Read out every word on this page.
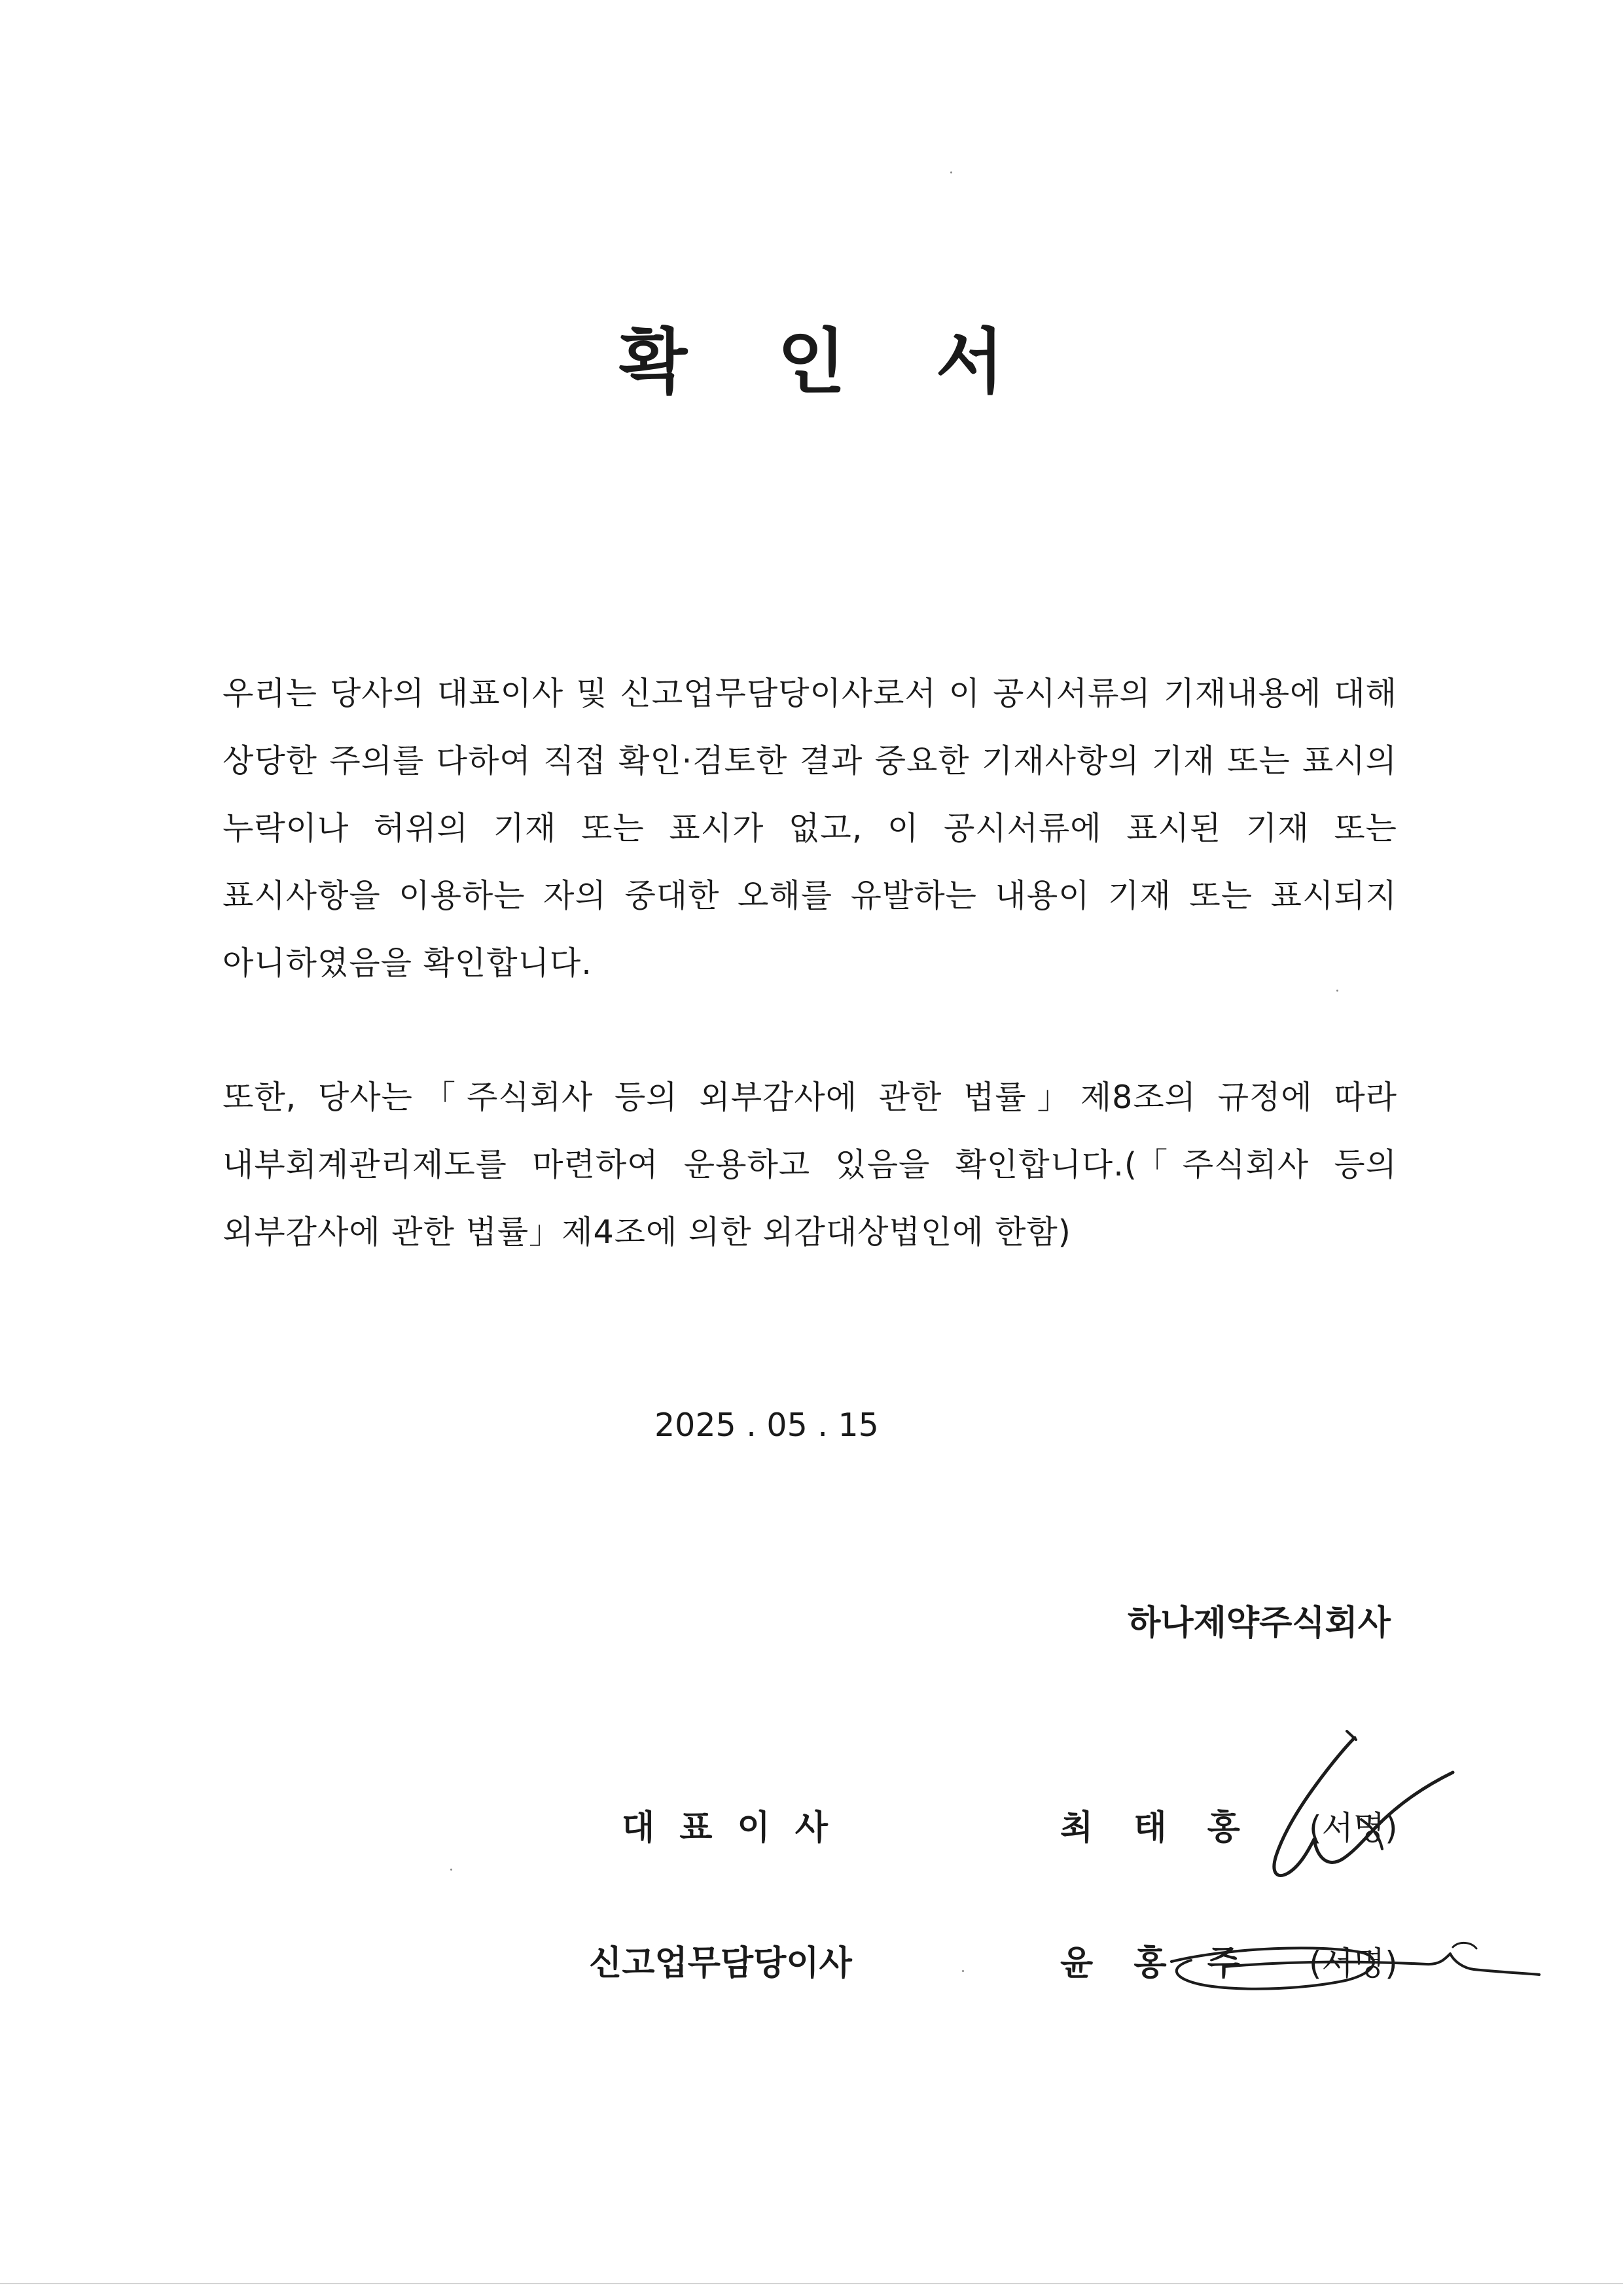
확 인 서

우리는 당사의 대표이사 및 신고업무담당이사로서 이 공시서류의 기재내용에 대해 상당한 주의를 다하여 직접 확인·검토한 결과 중요한 기재사항의 기재 또는 표시의 누락이나 허위의 기재 또는 표시가 없고, 이 공시서류에 표시된 기재 또는 표시사항을 이용하는 자의 중대한 오해를 유발하는 내용이 기재 또는 표시되지 아니하였음을 확인합니다.

또한, 당사는「주식회사 등의 외부감사에 관한 법률」제8조의 규정에 따라 내부회계관리제도를 마련하여 운용하고 있음을 확인합니다.(「주식회사 등의 외부감사에 관한 법률」제4조에 의한 외감대상법인에 한함)

2025 . 05 . 15
하나제약주식회사
대표이사	최 태 홍 (서명)
신고업무담당이사	윤 홍 주 (서명)
